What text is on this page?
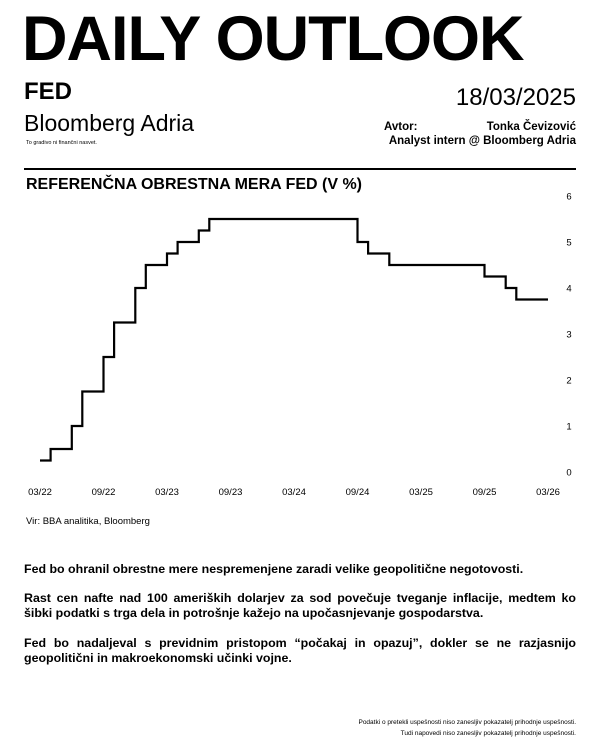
DAILY OUTLOOK
FED	18/03/2025
Bloomberg Adria
To gradivo ni finančni nasvet.
Avtor:	Tonka Čevizović
Analyst intern @ Bloomberg Adria
REFERENČNA OBRESTNA MERA FED (V %)
03/22	09/22	03/23	09/23	03/24	09/24	03/25	09/25	03/26
0
1
2
3
4
5
6
Vir: BBA analitika, Bloomberg
Fed bo ohranil obrestne mere nespremenjene zaradi velike geopolitične negotovosti.
Rast cen nafte nad 100 ameriških dolarjev za sod povečuje tveganje inflacije, medtem ko šibki podatki s trga dela in potrošnje kažejo na upočasnjevanje gospodarstva.
Fed bo nadaljeval s previdnim pristopom “počakaj in opazuj”, dokler se ne razjasnijo geopolitični in makroekonomski učinki vojne.
Podatki o pretekli uspešnosti niso zanesljiv pokazatelj prihodnje uspešnosti.
Tudi napovedi niso zanesljiv pokazatelj prihodnje uspešnosti.
